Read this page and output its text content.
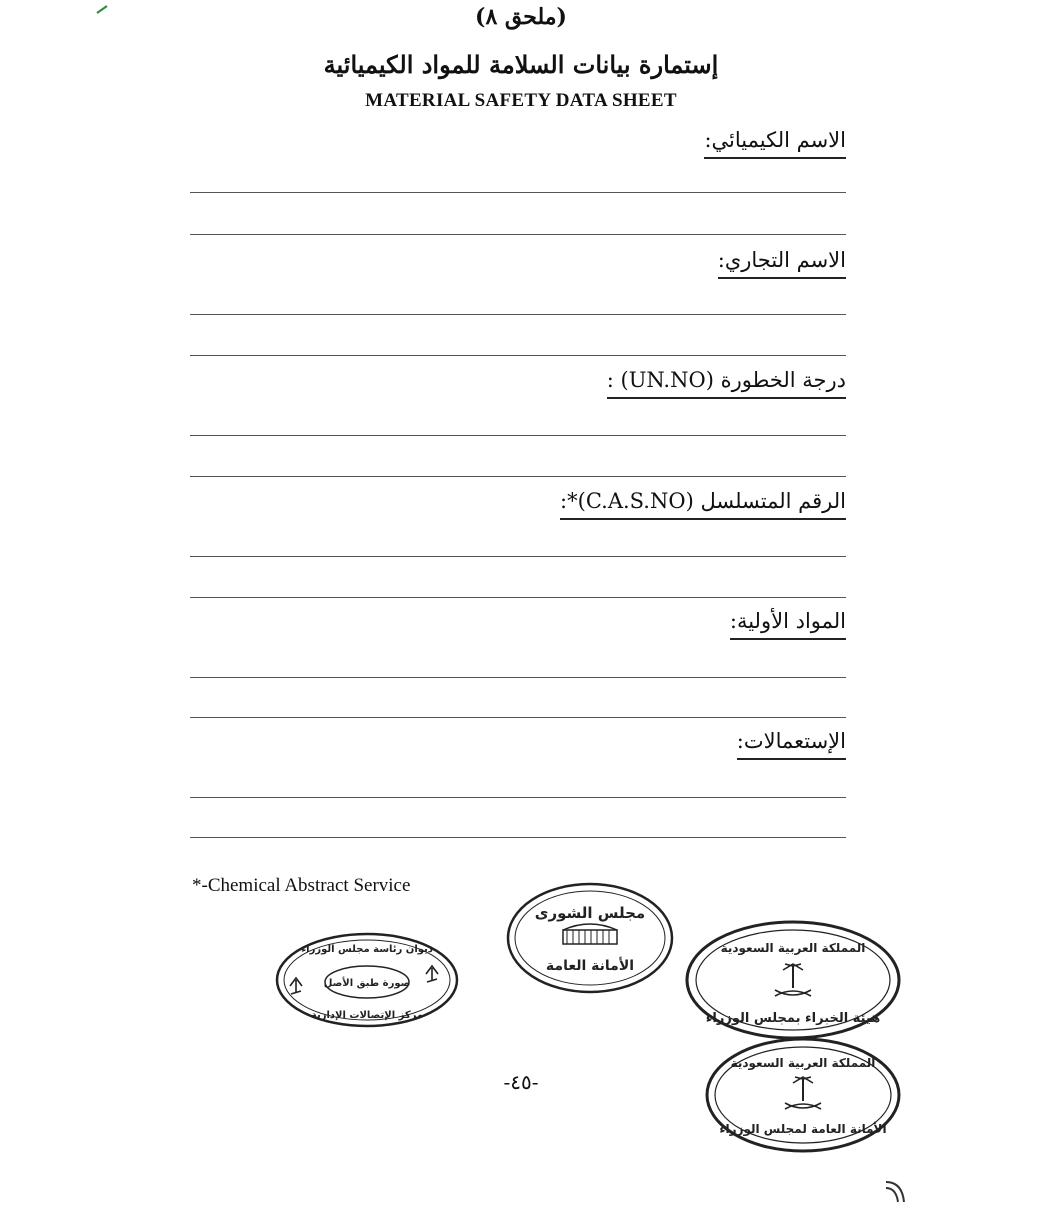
(ملحق ٨)
إستمارة بيانات السلامة للمواد الكيميائية
MATERIAL SAFETY DATA SHEET
الاسم الكيميائي:
الاسم التجاري:
درجة الخطورة (UN.NO) :
الرقم المتسلسل (C.A.S.NO)*:
المواد الأولية:
الإستعمالات:
*-Chemical Abstract Service
ديوان رئاسة مجلس الوزراء
صورة طبق الأصل
مركز الإتصالات الإدارية
مجلس الشورى
الأمانة العامة
المملكة العربية السعودية
هيئة الخبراء بمجلس الوزراء
المملكة العربية السعودية
الأمانة العامة لمجلس الوزراء
-٤٥-
